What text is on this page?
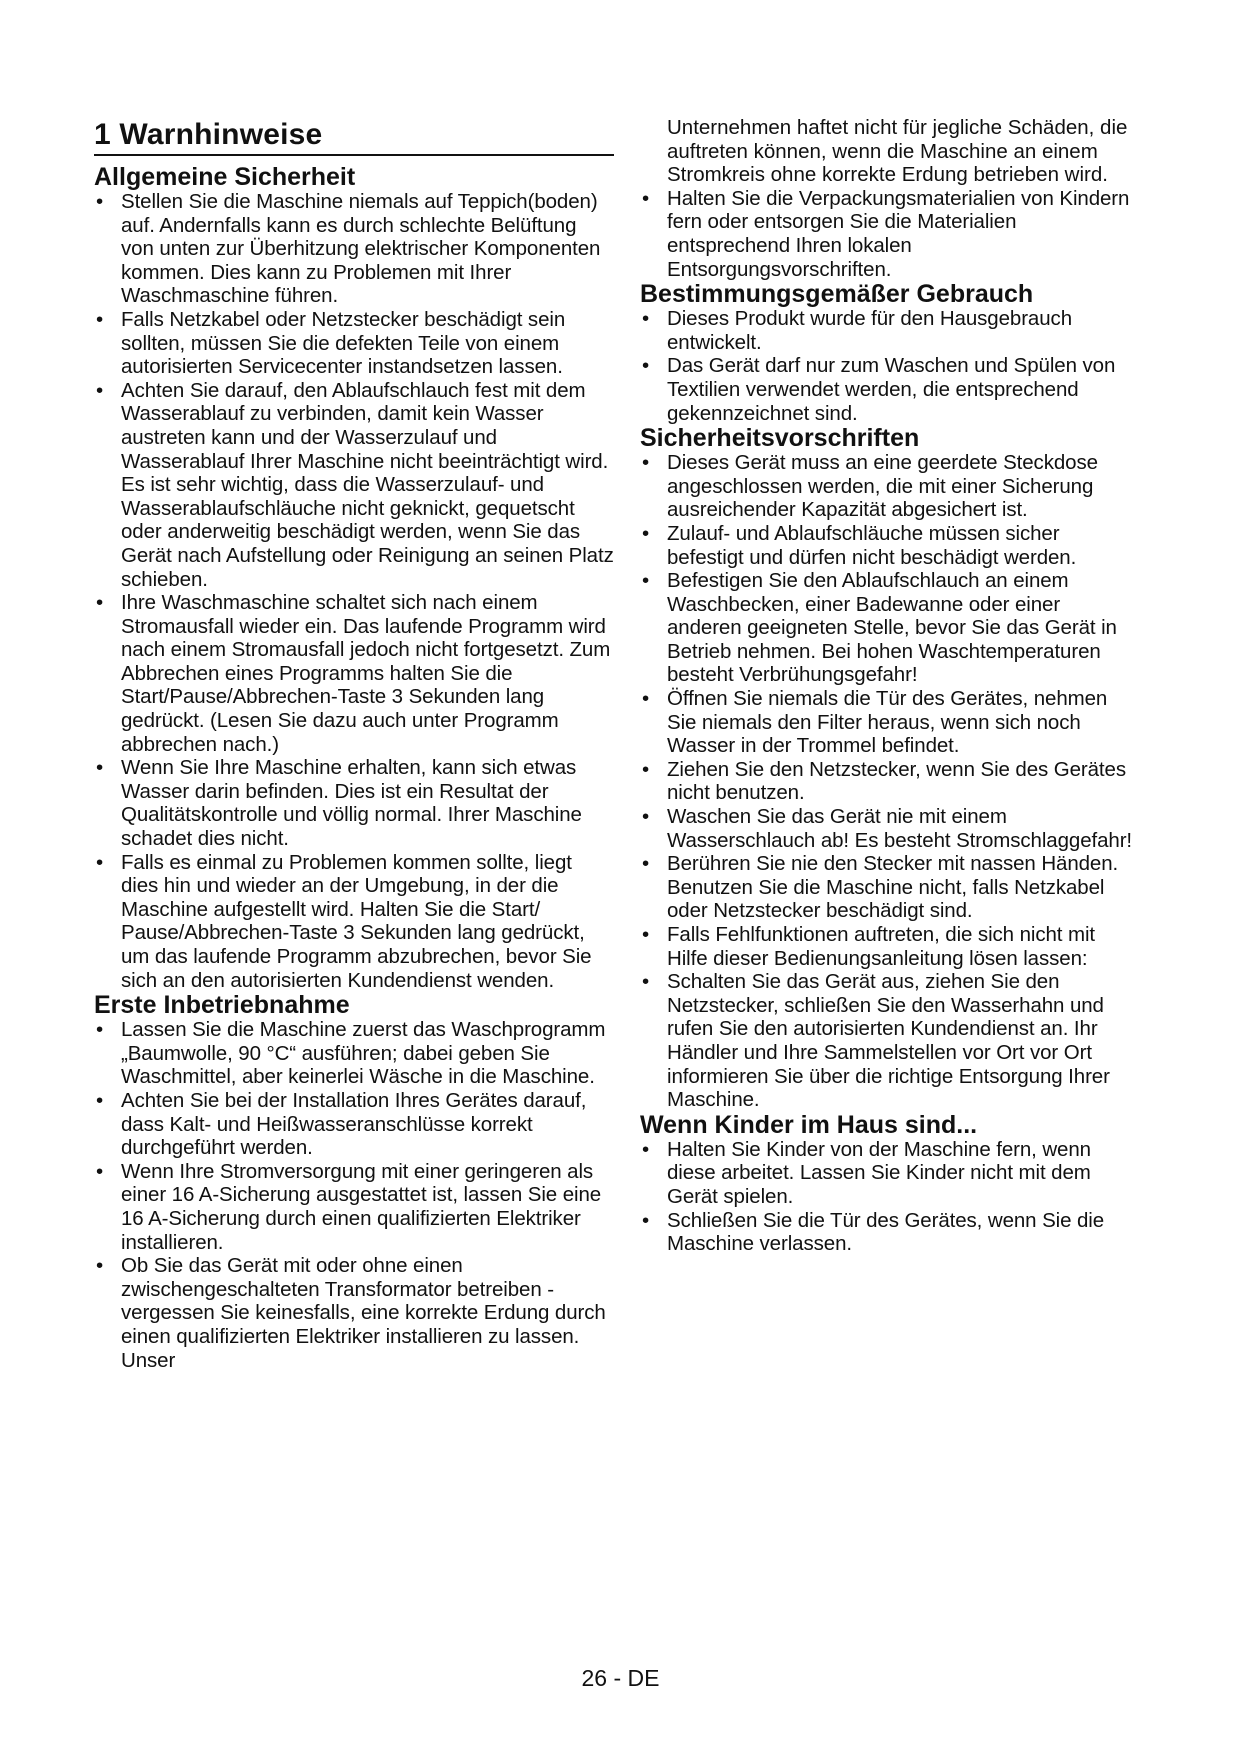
1 Warnhinweise
Allgemeine Sicherheit
• Stellen Sie die Maschine niemals auf Teppich(boden) auf. Andernfalls kann es durch schlechte Belüftung von unten zur Überhitzung elektrischer Komponenten kommen. Dies kann zu Problemen mit Ihrer Waschmaschine führen.
• Falls Netzkabel oder Netzstecker beschädigt sein sollten, müssen Sie die defekten Teile von einem autorisierten Servicecenter instandsetzen lassen.
• Achten Sie darauf, den Ablaufschlauch fest mit dem Wasserablauf zu verbinden, damit kein Wasser austreten kann und der Wasserzulauf und Wasserablauf Ihrer Maschine nicht beeinträchtigt wird. Es ist sehr wichtig, dass die Wasserzulauf- und Wasserablaufschläuche nicht geknickt, gequetscht oder anderweitig beschädigt werden, wenn Sie das Gerät nach Aufstellung oder Reinigung an seinen Platz schieben.
• Ihre Waschmaschine schaltet sich nach einem Stromausfall wieder ein. Das laufende Programm wird nach einem Stromausfall jedoch nicht fortgesetzt. Zum Abbrechen eines Programms halten Sie die Start/Pause/Abbrechen-Taste 3 Sekunden lang gedrückt. (Lesen Sie dazu auch unter Programm abbrechen nach.)
• Wenn Sie Ihre Maschine erhalten, kann sich etwas Wasser darin befinden. Dies ist ein Resultat der Qualitätskontrolle und völlig normal. Ihrer Maschine schadet dies nicht.
• Falls es einmal zu Problemen kommen sollte, liegt dies hin und wieder an der Umgebung, in der die Maschine aufgestellt wird. Halten Sie die Start/ Pause/Abbrechen-Taste 3 Sekunden lang gedrückt, um das laufende Programm abzubrechen, bevor Sie sich an den autorisierten Kundendienst wenden.
Erste Inbetriebnahme
• Lassen Sie die Maschine zuerst das Waschprogramm „Baumwolle, 90 °C“ ausführen; dabei geben Sie Waschmittel, aber keinerlei Wäsche in die Maschine.
• Achten Sie bei der Installation Ihres Gerätes darauf, dass Kalt- und Heißwasseranschlüsse korrekt durchgeführt werden.
• Wenn Ihre Stromversorgung mit einer geringeren als einer 16 A-Sicherung ausgestattet ist, lassen Sie eine 16 A-Sicherung durch einen qualifizierten Elektriker installieren.
• Ob Sie das Gerät mit oder ohne einen zwischengeschalteten Transformator betreiben - vergessen Sie keinesfalls, eine korrekte Erdung durch einen qualifizierten Elektriker installieren zu lassen. Unser

Unternehmen haftet nicht für jegliche Schäden, die auftreten können, wenn die Maschine an einem Stromkreis ohne korrekte Erdung betrieben wird.

• Halten Sie die Verpackungsmaterialien von Kindern fern oder entsorgen Sie die Materialien entsprechend Ihren lokalen Entsorgungsvorschriften.
Bestimmungsgemäßer Gebrauch
• Dieses Produkt wurde für den Hausgebrauch entwickelt.
• Das Gerät darf nur zum Waschen und Spülen von Textilien verwendet werden, die entsprechend gekennzeichnet sind.
Sicherheitsvorschriften
• Dieses Gerät muss an eine geerdete Steckdose angeschlossen werden, die mit einer Sicherung ausreichender Kapazität abgesichert ist.
• Zulauf- und Ablaufschläuche müssen sicher befestigt und dürfen nicht beschädigt werden.
• Befestigen Sie den Ablaufschlauch an einem Waschbecken, einer Badewanne oder einer anderen geeigneten Stelle, bevor Sie das Gerät in Betrieb nehmen. Bei hohen Waschtemperaturen besteht Verbrühungsgefahr!
• Öffnen Sie niemals die Tür des Gerätes, nehmen Sie niemals den Filter heraus, wenn sich noch Wasser in der Trommel befindet.
• Ziehen Sie den Netzstecker, wenn Sie des Gerätes nicht benutzen.
• Waschen Sie das Gerät nie mit einem Wasserschlauch ab! Es besteht Stromschlaggefahr!
• Berühren Sie nie den Stecker mit nassen Händen. Benutzen Sie die Maschine nicht, falls Netzkabel oder Netzstecker beschädigt sind.
• Falls Fehlfunktionen auftreten, die sich nicht mit Hilfe dieser Bedienungsanleitung lösen lassen:
• Schalten Sie das Gerät aus, ziehen Sie den Netzstecker, schließen Sie den Wasserhahn und rufen Sie den autorisierten Kundendienst an. Ihr Händler und Ihre Sammelstellen vor Ort vor Ort informieren Sie über die richtige Entsorgung Ihrer Maschine.
Wenn Kinder im Haus sind...
• Halten Sie Kinder von der Maschine fern, wenn diese arbeitet. Lassen Sie Kinder nicht mit dem Gerät spielen.
• Schließen Sie die Tür des Gerätes, wenn Sie die Maschine verlassen.
26 - DE
